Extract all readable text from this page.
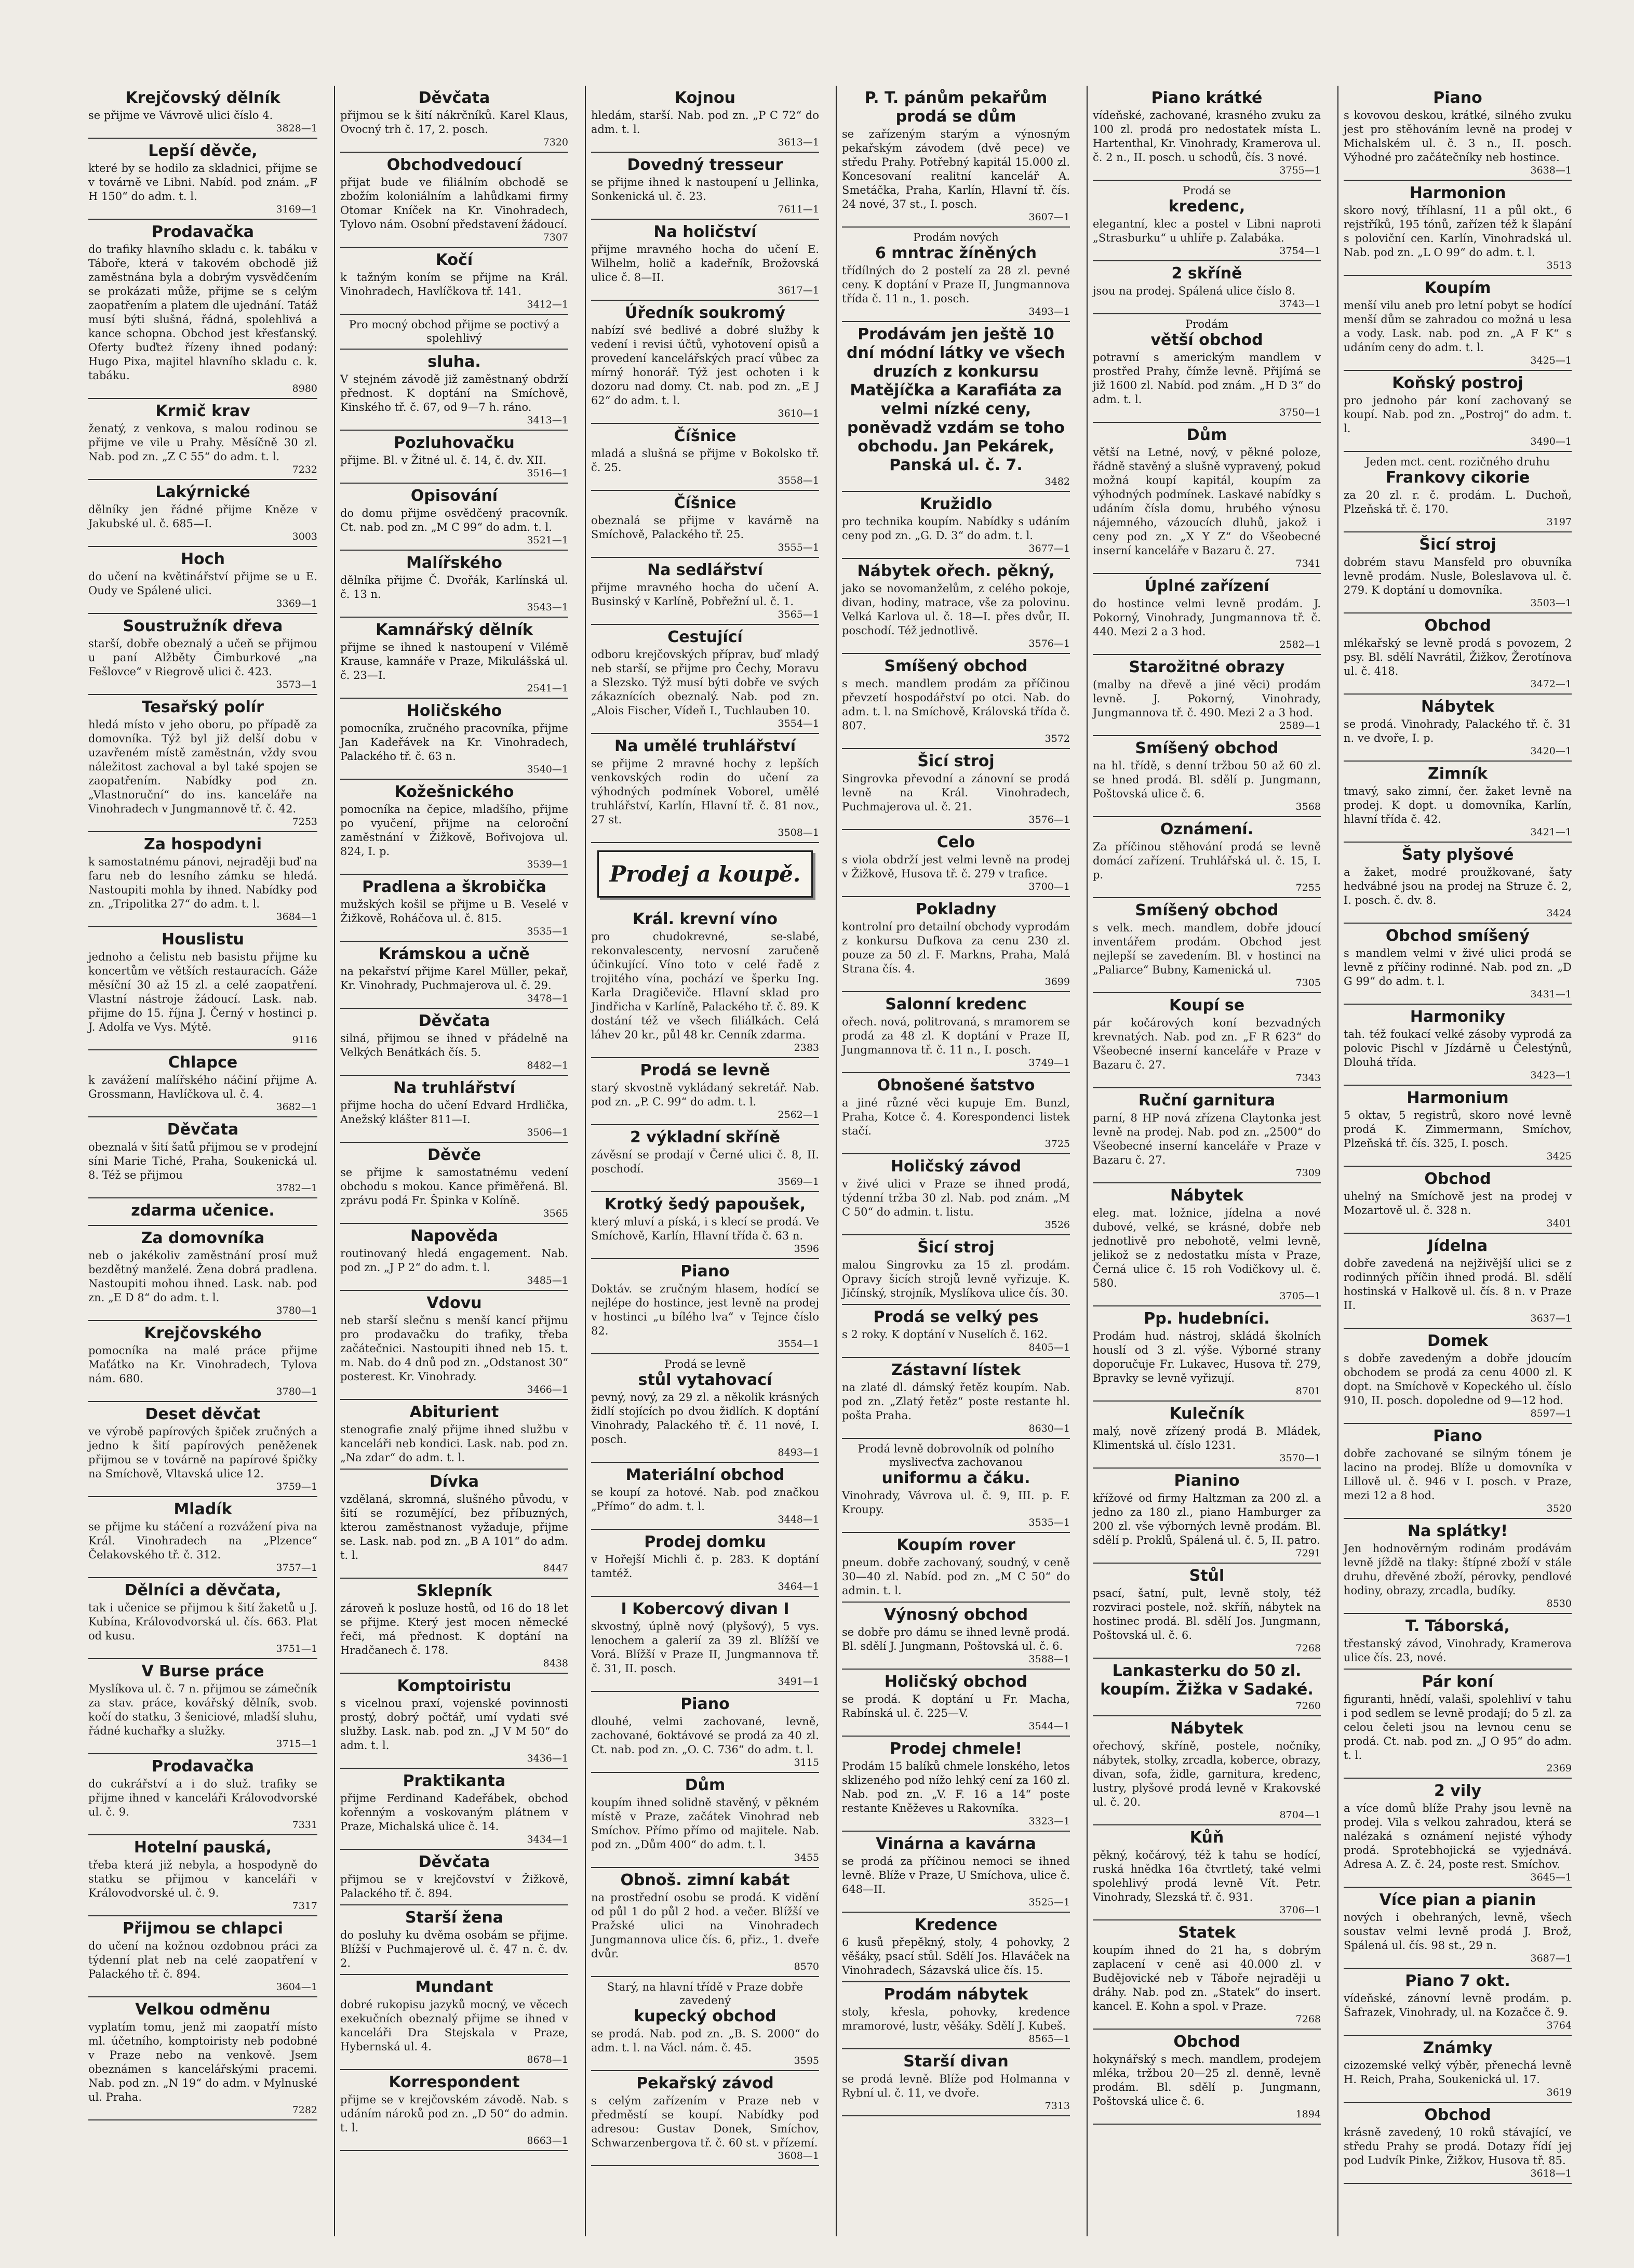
Krejčovský dělník

se přijme ve Vávrově ulici číslo 4.

3828—1
Lepší děvče,

které by se hodilo za skladnici, přijme se v továrně ve Libni. Nabíd. pod znám. „F H 150“ do adm. t. l.

3169—1
Prodavačka

do trafiky hlavního skladu c. k. tabáku v Táboře, která v takovém obchodě již zaměstnána byla a dobrým vysvědčením se prokázati může, přijme se s celým zaopatřením a platem dle ujednání. Tatáž musí býti slušná, řádná, spolehlivá a kance schopna. Obchod jest křesťanský. Oferty buďteż řízeny ihned podaný: Hugo Pixa, majitel hlavního skladu c. k. tabáku.

8980
Krmič krav

ženatý, z venkova, s malou rodinou se přijme ve vile u Prahy. Měsíčně 30 zl. Nab. pod zn. „Z C 55“ do adm. t. l.

7232
Lakýrnické

dělníky jen řádné přijme Kněze v Jakubské ul. č. 685—I.

3003
Hoch

do učení na květinářství přijme se u E. Oudy ve Spálené ulici.

3369—1
Soustružník dřeva

starší, dobře obeznalý a učeň se přijmou u paní Alžběty Čimburkové „na Fešlovce“ v Riegrově ulici č. 423.

3573—1
Tesařský polír

hledá místo v jeho oboru, po případě za domovníka. Týž byl již delší dobu v uzavřeném místě zaměstnán, vždy svou náležitost zachoval a byl také spojen se zaopatřením. Nabídky pod zn. „Vlastnoruční“ do ins. kanceláře na Vinohradech v Jungmannově tř. č. 42.

7253
Za hospodyni

k samostatnému pánovi, nejraději buď na faru neb do lesního zámku se hledá. Nastoupiti mohla by ihned. Nabídky pod zn. „Tripolitka 27“ do adm. t. l.

3684—1
Houslistu

jednoho a čelistu neb basistu přijme ku koncertům ve větších restauracích. Gáže měsíční 30 až 15 zl. a celé zaopatření. Vlastní nástroje žádoucí. Lask. nab. přijme do 15. října J. Černý v hostinci p. J. Adolfa ve Vys. Mýtě.

9116
Chlapce

k zavážení malířského náčiní přijme A. Grossmann, Havlíčkova ul. č. 4.

3682—1
Děvčata

obeznalá v šití šatů přijmou se v prodejní síni Marie Tiché, Praha, Soukenická ul. 8. Též se přijmou

3782—1
zdarma učenice.
Za domovníka

neb o jakékoliv zaměstnání prosí muž bezdětný manželé. Žena dobrá pradlena. Nastoupiti mohou ihned. Lask. nab. pod zn. „E D 8“ do adm. t. l.

3780—1
Krejčovského

pomocníka na malé práce přijme Maťátko na Kr. Vinohradech, Tylova nám. 680.

3780—1
Deset děvčat

ve výrobě papírových špiček zručných a jedno k šití papírových peněženek přijmou se v továrně na papírové špičky na Smíchově, Vltavská ulice 12.

3759—1
Mladík

se přijme ku stáčení a rozvážení piva na Král. Vinohradech na „Plzence“ Čelakovského tř. č. 312.

3757—1
Dělníci a děvčata,

tak i učenice se přijmou k šití žaketů u J. Kubína, Královodvorská ul. čís. 663. Plat od kusu.

3751—1
V Burse práce

Myslíkova ul. č. 7 n. přijmou se zámečník za stav. práce, kovářský dělník, svob. kočí do statku, 3 šeniciové, mladší sluhu, řádné kuchařky a služky.

3715—1
Prodavačka

do cukrářství a i do služ. trafiky se přijme ihned v kanceláři Královodvorské ul. č. 9.

7331
Hotelní pauská,

třeba která již nebyla, a hospodyně do statku se přijmou v kanceláři v Královodvorské ul. č. 9.

7317
Přijmou se chlapci

do učení na kožnou ozdobnou práci za týdenní plat neb na celé zaopatření v Palackého tř. č. 894.

3604—1
Velkou odměnu

vyplatím tomu, jenž mi zaopatří místo ml. účetního, komptoiristy neb podobné v Praze nebo na venkově. Jsem obeznámen s kancelářskými pracemi. Nab. pod zn. „N 19“ do adm. v Mylnuské ul. Praha.

7282
Děvčata

přijmou se k šití nákrčníků. Karel Klaus, Ovocný trh č. 17, 2. posch.

7320
Obchodvedoucí

přijat bude ve filiálním obchodě se zbožím koloniálním a lahůdkami firmy Otomar Kníček na Kr. Vinohradech, Tylovo nám. Osobní představení žádoucí.

7307
Kočí

k tažným koním se přijme na Král. Vinohradech, Havlíčkova tř. 141.

3412—1
Pro mocný obchod přijme se poctivý a spolehlivý
sluha.

V stejném závodě již zaměstnaný obdrží přednost. K doptání na Smíchově, Kinského tř. č. 67, od 9—7 h. ráno.

3413—1
Pozluhovačku

přijme. Bl. v Žitné ul. č. 14, č. dv. XII.

3516—1
Opisování

do domu přijme osvědčený pracovník. Ct. nab. pod zn. „M C 99“ do adm. t. l.

3521—1
Malířského

dělníka přijme Č. Dvořák, Karlínská ul. č. 13 n.

3543—1
Kamnářský dělník

přijme se ihned k nastoupení v Vilémě Krause, kamnáře v Praze, Mikulášská ul. č. 23—I.

2541—1
Holičského

pomocníka, zručného pracovníka, přijme Jan Kadeřávek na Kr. Vinohradech, Palackého tř. č. 63 n.

3540—1
Kožešnického

pomocníka na čepice, mladšího, přijme po vyučení, přijme na celoroční zaměstnání v Žižkově, Bořivojova ul. 824, I. p.

3539—1
Pradlena a škrobička

mužských košil se přijme u B. Veselé v Žižkově, Roháčova ul. č. 815.

3535—1
Krámskou a učně

na pekařství přijme Karel Müller, pekař, Kr. Vinohrady, Puchmajerova ul. č. 29.

3478—1
Děvčata

silná, přijmou se ihned v přádelně na Velkých Benátkách čís. 5.

8482—1
Na truhlářství

přijme hocha do učení Edvard Hrdlička, Anežský klášter 811—I.

3506—1
Děvče

se přijme k samostatnému vedení obchodu s mokou. Kance přiměřená. Bl. zprávu podá Fr. Špinka v Kolíně.

3565
Napověda

routinovaný hledá engagement. Nab. pod zn. „J P 2“ do adm. t. l.

3485—1
Vdovu

neb starší slečnu s menší kancí přijmu pro prodavačku do trafiky, třeba začátečnici. Nastoupiti ihned neb 15. t. m. Nab. do 4 dnů pod zn. „Odstanost 30“ posterest. Kr. Vinohrady.

3466—1
Abiturient

stenografie znalý přijme ihned službu v kanceláři neb kondici. Lask. nab. pod zn. „Na zdar“ do adm. t. l.

Dívka

vzdělaná, skromná, slušného původu, v šití se rozumějící, bez příbuzných, kterou zaměstnanost vyžaduje, přijme se. Lask. nab. pod zn. „B A 101“ do adm. t. l.

8447
Sklepník

zároveň k posluze hostů, od 16 do 18 let se přijme. Který jest mocen německé řeči, má přednost. K doptání na Hradčanech č. 178.

8438
Komptoiristu

s vicelnou praxí, vojenské povinnosti prostý, dobrý počtář, umí vydati své služby. Lask. nab. pod zn. „J V M 50“ do adm. t. l.

3436—1
Praktikanta

přijme Ferdinand Kadeřábek, obchod kořenným a voskovaným plátnem v Praze, Michalská ulice č. 14.

3434—1
Děvčata

přijmou se v krejčovství v Žižkově, Palackého tř. č. 894.

Starší žena

do posluhy ku dvěma osobám se přijme. Blížší v Puchmajerově ul. č. 47 n. č. dv. 2.

Mundant

dobré rukopisu jazyků mocný, ve věcech exekučních obeznalý přijme se ihned v kanceláři Dra Stejskala v Praze, Hybernská ul. 4.

8678—1
Korrespondent

přijme se v krejčovském závodě. Nab. s udáním nároků pod zn. „D 50“ do admin. t. l.

8663—1
Kojnou

hledám, starší. Nab. pod zn. „P C 72“ do adm. t. l.

3613—1
Dovedný tresseur

se přijme ihned k nastoupení u Jellinka, Sonkenická ul. č. 23.

7611—1
Na holičství

přijme mravného hocha do učení E. Wilhelm, holič a kadeřník, Brožovská ulice č. 8—II.

3617—1
Úředník soukromý

nabízí své bedlivé a dobré služby k vedení i revisi účtů, vyhotovení opisů a provedení kancelářských prací vůbec za mírný honorář. Týž jest ochoten i k dozoru nad domy. Ct. nab. pod zn. „E J 62“ do adm. t. l.

3610—1
Číšnice

mladá a slušná se přijme v Bokolsko tř. č. 25.

3558—1
Číšnice

obeznalá se přijme v kavárně na Smíchově, Palackého tř. 25.

3555—1
Na sedlářství

přijme mravného hocha do učení A. Businský v Karlíně, Pobřežní ul. č. 1.

3565—1
Cestující

odboru krejčovských příprav, buď mladý neb starší, se přijme pro Čechy, Moravu a Slezsko. Týž musí býti dobře ve svých zákaznících obeznalý. Nab. pod zn. „Alois Fischer, Vídeň I., Tuchlauben 10.

3554—1
Na umělé truhlářství

se přijme 2 mravné hochy z lepších venkovských rodin do učení za výhodných podmínek Voborel, umělé truhlářství, Karlín, Hlavní tř. č. 81 nov., 27 st.

3508—1
Prodej a koupě.
Král. krevní víno

pro chudokrevné, se-slabé, rekonvalescenty, nervosní zaručeně účinkující. Víno toto v celé řadě z trojitého vína, pochází ve šperku Ing. Karla Dragičeviče. Hlavní sklad pro Jindřicha v Karlíně, Palackého tř. č. 89. K dostání též ve všech filiálkách. Celá láhev 20 kr., půl 48 kr. Cenník zdarma.

2383
Prodá se levně

starý skvostně vykládaný sekretář. Nab. pod zn. „P. C. 99“ do adm. t. l.

2562—1
2 výkladní skříně

závěsní se prodají v Černé ulici č. 8, II. poschodí.

3569—1
Krotký šedý papoušek,

který mluví a píská, i s klecí se prodá. Ve Smíchově, Karlín, Hlavní třída č. 63 n.

3596
Piano

Doktáv. se zručným hlasem, hodící se nejlépe do hostince, jest levně na prodej v hostinci „u bílého lva“ v Tejnce číslo 82.

3554—1
Prodá se levně
stůl vytahovací

pevný, nový, za 29 zl. a několik krásných židlí stojících po dvou židlích. K doptání Vinohrady, Palackého tř. č. 11 nové, I. posch.

8493—1
Materiální obchod

se koupí za hotové. Nab. pod značkou „Přímo“ do adm. t. l.

3448—1
Prodej domku

v Hořejší Michli č. p. 283. K doptání tamtéž.

3464—1
I Kobercový divan I

skvostný, úplně nový (plyšový), 5 vys. lenochem a galerií za 39 zl. Blížší ve Vorá. Blížší v Praze II, Jungmannova tř. č. 31, II. posch.

3491—1
Piano

dlouhé, velmi zachované, levně, zachované, 6oktávové se prodá za 40 zl. Ct. nab. pod zn. „O. C. 736“ do adm. t. l.

3115
Dům

koupím ihned solidně stavěný, v pěkném místě v Praze, začátek Vinohrad neb Smíchov. Přímo přímo od majitele. Nab. pod zn. „Dům 400“ do adm. t. l.

3455
Obnoš. zimní kabát

na prostřední osobu se prodá. K vidění od půl 1 do půl 2 hod. a večer. Blížší ve Pražské ulici na Vinohradech Jungmannova ulice čís. 6, přiz., 1. dveře dvůr.

8570
Starý, na hlavní třídě v Praze dobře zavedený
kupecký obchod

se prodá. Nab. pod zn. „B. S. 2000“ do adm. t. l. na Václ. nám. č. 45.

3595
Pekařský závod

s celým zařízením v Praze neb v předměstí se koupí. Nabídky pod adresou: Gustav Donek, Smíchov, Schwarzenbergova tř. č. 60 st. v přízemí.

3608—1
P. T. pánům pekařům prodá se dům

se zařízeným starým a výnosným pekařským závodem (dvě pece) ve středu Prahy. Potřebný kapitál 15.000 zl. Koncesovaní realitní kancelář A. Smetáčka, Praha, Karlín, Hlavní tř. čís. 24 nové, 37 st., I. posch.

3607—1
Prodám nových
6 mntrac žíněných

třídílných do 2 postelí za 28 zl. pevné ceny. K doptání v Praze II, Jungmannova třída č. 11 n., 1. posch.

3493—1
Prodávám jen ještě 10 dní módní látky ve všech druzích z konkursu Matějíčka a Karafiáta za velmi nízké ceny, poněvadž vzdám se toho obchodu. Jan Pekárek, Panská ul. č. 7.
3482
Kružidlo

pro technika koupím. Nabídky s udáním ceny pod zn. „G. D. 3“ do adm. t. l.

3677—1
Nábytek ořech. pěkný,

jako se novomanželům, z celého pokoje, divan, hodiny, matrace, vše za polovinu. Velká Karlova ul. č. 18—I. přes dvůr, II. poschodí. Též jednotlivě.

3576—1
Smíšený obchod

s mech. mandlem prodám za příčinou převzetí hospodářství po otci. Nab. do adm. t. l. na Smíchově, Královská třída č. 807.

3572
Šicí stroj

Singrovka převodní a zánovní se prodá levně na Král. Vinohradech, Puchmajerova ul. č. 21.

3576—1
Celo

s viola obdrží jest velmi levně na prodej v Žižkově, Husova tř. č. 279 v trafice.

3700—1
Pokladny

kontrolní pro detailní obchody vyprodám z konkursu Dufkova za cenu 230 zl. pouze za 50 zl. F. Markns, Praha, Malá Strana čís. 4.

3699
Salonní kredenc

ořech. nová, politrovaná, s mramorem se prodá za 48 zl. K doptání v Praze II, Jungmannova tř. č. 11 n., I. posch.

3749—1
Obnošené šatstvo

a jiné různé věci kupuje Em. Bunzl, Praha, Kotce č. 4. Korespondenci listek stačí.

3725
Holičský závod

v živé ulici v Praze se ihned prodá, týdenní tržba 30 zl. Nab. pod znám. „M C 50“ do admin. t. listu.

3526
Šicí stroj

malou Singrovku za 15 zl. prodám. Opravy šicích strojů levně vyřizuje. K. Jičínský, strojník, Myslíkova ulice čís. 30.

Prodá se velký pes

s 2 roky. K doptání v Nuselích č. 162.

8405—1
Zástavní lístek

na zlaté dl. dámský řetěz koupím. Nab. pod zn. „Zlatý řetěz“ poste restante hl. pošta Praha.

8630—1
Prodá levně dobrovolník od polního myslivecťva zachovanou
uniformu a čáku.

Vinohrady, Vávrova ul. č. 9, III. p. F. Kroupy.

3535—1
Koupím rover

pneum. dobře zachovaný, soudný, v ceně 30—40 zl. Nabíd. pod zn. „M C 50“ do admin. t. l.

Výnosný obchod

se dobře pro dámu se ihned levně prodá. Bl. sdělí J. Jungmann, Poštovská ul. č. 6.

3588—1
Holičský obchod

se prodá. K doptání u Fr. Macha, Rabínská ul. č. 225—V.

3544—1
Prodej chmele!

Prodám 15 balíků chmele lonského, letos sklizeného pod nížo lehký cení za 160 zl. Nab. pod zn. „V. F. 16 a 14“ poste restante Kněževes u Rakovníka.

3323—1
Vinárna a kavárna

se prodá za příčinou nemoci se ihned levně. Blíže v Praze, U Smíchova, ulice č. 648—II.

3525—1
Kredence

6 kusů přepěkný, stoly, 4 pohovky, 2 věšáky, psací stůl. Sdělí Jos. Hlaváček na Vinohradech, Sázavská ulice čís. 15.

Prodám nábytek

stoly, křesla, pohovky, kredence mramorové, lustr, věšáky. Sdělí J. Kubeš.

8565—1
Starší divan

se prodá levně. Blíže pod Holmanna v Rybní ul. č. 11, ve dvoře.

7313
Piano krátké

vídeňské, zachované, krasného zvuku za 100 zl. prodá pro nedostatek místa L. Hartenthal, Kr. Vinohrady, Kramerova ul. č. 2 n., II. posch. u schodů, čís. 3 nové.

3755—1
Prodá se
kredenc,

elegantní, klec a postel v Libni naproti „Strasburku“ u uhlíře p. Zalabáka.

3754—1
2 skříně

jsou na prodej. Spálená ulice číslo 8.

3743—1
Prodám
větší obchod

potravní s americkým mandlem v prostřed Prahy, čímže levně. Přijímá se již 1600 zl. Nabíd. pod znám. „H D 3“ do adm. t. l.

3750—1
Dům

větší na Letné, nový, v pěkné poloze, řádně stavěný a slušně vypravený, pokud možná koupí kapitál, koupím za výhodných podmínek. Laskavé nabídky s udáním čísla domu, hrubého výnosu nájemného, vázoucích dluhů, jakož i ceny pod zn. „X Y Z“ do Všeobecné inserní kanceláře v Bazaru č. 27.

7341
Úplné zařízení

do hostince velmi levně prodám. J. Pokorný, Vinohrady, Jungmannova tř. č. 440. Mezi 2 a 3 hod.

2582—1
Starožitné obrazy

(malby na dřevě a jiné věci) prodám levně. J. Pokorný, Vinohrady, Jungmannova tř. č. 490. Mezi 2 a 3 hod.

2589—1
Smíšený obchod

na hl. třídě, s denní tržbou 50 až 60 zl. se hned prodá. Bl. sdělí p. Jungmann, Poštovská ulice č. 6.

3568
Oznámení.

Za příčinou stěhování prodá se levně domácí zařízení. Truhlářská ul. č. 15, I. p.

7255
Smíšený obchod

s velk. mech. mandlem, dobře jdoucí inventářem prodám. Obchod jest nejlepší se zavedením. Bl. v hostinci na „Paliarce“ Bubny, Kamenická ul.

7305
Koupí se

pár kočárových koní bezvadných krevnatých. Nab. pod zn. „F R 623“ do Všeobecné inserní kanceláře v Praze v Bazaru č. 27.

7343
Ruční garnitura

parní, 8 HP nová zřízena Claytonka jest levně na prodej. Nab. pod zn. „2500“ do Všeobecné inserní kanceláře v Praze v Bazaru č. 27.

7309
Nábytek

eleg. mat. ložnice, jídelna a nové dubové, velké, se krásné, dobře neb jednotlivě pro nebohotě, velmi levně, jelikož se z nedostatku místa v Praze, Černá ulice č. 15 roh Vodičkovy ul. č. 580.

3705—1
Pp. hudebníci.

Prodám hud. nástroj, skládá školních houslí od 3 zl. výše. Výborné strany doporučuje Fr. Lukavec, Husova tř. 279, Bpravky se levně vyřizují.

8701
Kulečník

malý, nově zřízený prodá B. Mládek, Klimentská ul. číslo 1231.

3570—1
Pianino

křížové od firmy Haltzman za 200 zl. a jedno za 180 zl., piano Hamburger za 200 zl. vše výborných levně prodám. Bl. sdělí p. Proklů, Spálená ul. č. 5, II. patro.

7291
Stůl

psací, šatní, pult, levně stoly, též rozviraci postele, nož. skříň, nábytek na hostinec prodá. Bl. sdělí Jos. Jungmann, Poštovská ul. č. 6.

7268
Lankasterku do 50 zl. koupím. Žižka v Sadaké.
7260
Nábytek

ořechový, skříně, postele, nočníky, nábytek, stolky, zrcadla, koberce, obrazy, divan, sofa, židle, garnitura, kredenc, lustry, plyšové prodá levně v Krakovské ul. č. 20.

8704—1
Kůň

pěkný, kočárový, též k tahu se hodící, ruská hnědka 16a čtvrtletý, také velmi spolehlivý prodá levně Vít. Petr. Vinohrady, Slezská tř. č. 931.

3706—1
Statek

koupím ihned do 21 ha, s dobrým zaplacení v ceně asi 40.000 zl. v Budějovické neb v Táboře nejraději u dráhy. Nab. pod zn. „Statek“ do insert. kancel. E. Kohn a spol. v Praze.

7268
Obchod

hokynářský s mech. mandlem, prodejem mléka, tržbou 20—25 zl. denně, levně prodám. Bl. sdělí p. Jungmann, Poštovská ulice č. 6.

1894
Piano

s kovovou deskou, krátké, silného zvuku jest pro stěhováním levně na prodej v Michalském ul. č. 3 n., II. posch. Výhodné pro začátečníky neb hostince.

3638—1
Harmonion

skoro nový, tříhlasní, 11 a půl okt., 6 rejstříků, 195 tónů, zařízen též k šlapání s poloviční cen. Karlín, Vinohradská ul. Nab. pod zn. „L O 99“ do adm. t. l.

3513
Koupím

menší vilu aneb pro letní pobyt se hodící menší dům se zahradou co možná u lesa a vody. Lask. nab. pod zn. „A F K“ s udáním ceny do adm. t. l.

3425—1
Koňský postroj

pro jednoho pár koní zachovaný se koupí. Nab. pod zn. „Postroj“ do adm. t. l.

3490—1
Jeden mct. cent. rozičného druhu
Frankovy cikorie

za 20 zl. r. č. prodám. L. Duchoň, Plzeňská tř. č. 170.

3197
Šicí stroj

dobrém stavu Mansfeld pro obuvníka levně prodám. Nusle, Boleslavova ul. č. 279. K doptání u domovníka.

3503—1
Obchod

mlékařský se levně prodá s povozem, 2 psy. Bl. sdělí Navrátil, Žižkov, Žerotínova ul. č. 418.

3472—1
Nábytek

se prodá. Vinohrady, Palackého tř. č. 31 n. ve dvoře, I. p.

3420—1
Zimník

tmavý, sako zimní, čer. žaket levně na prodej. K dopt. u domovníka, Karlín, hlavní třída č. 42.

3421—1
Šaty plyšové

a žaket, modré proužkované, šaty hedvábné jsou na prodej na Struze č. 2, I. posch. č. dv. 8.

3424
Obchod smíšený

s mandlem velmi v živé ulici prodá se levně z příčiny rodinné. Nab. pod zn. „D G 99“ do adm. t. l.

3431—1
Harmoniky

tah. též foukací velké zásoby vyprodá za polovic Pischl v Jízdárně u Čelestýnů, Dlouhá třída.

3423—1
Harmonium

5 oktav, 5 registrů, skoro nové levně prodá K. Zimmermann, Smíchov, Plzeňská tř. čís. 325, I. posch.

3425
Obchod

uhelný na Smíchově jest na prodej v Mozartově ul. č. 328 n.

3401
Jídelna

dobře zavedená na nejživější ulici se z rodinných příčin ihned prodá. Bl. sdělí hostinská v Halkově ul. čís. 8 n. v Praze II.

3637—1
Domek

s dobře zavedeným a dobře jdoucím obchodem se prodá za cenu 4000 zl. K dopt. na Smíchově v Kopeckého ul. číslo 910, II. posch. dopoledne od 9—12 hod.

8597—1
Piano

dobře zachované se silným tónem je lacino na prodej. Blíže u domovníka v Lillově ul. č. 946 v I. posch. v Praze, mezi 12 a 8 hod.

3520
Na splátky!

Jen hodnověrným rodinám prodávám levně jíždě na tlaky: štípné zboží v stále druhu, dřevěné zboží, pérovky, pendlové hodiny, obrazy, zrcadla, budíky.

8530
T. Táborská,

třestanský závod, Vinohrady, Kramerova ulice čís. 23, nové.

Pár koní

figuranti, hnědí, valaši, spolehliví v tahu i pod sedlem se levně prodají; do 5 zl. za celou čeleti jsou na levnou cenu se prodá. Ct. nab. pod zn. „J O 95“ do adm. t. l.

2369
2 vily

a více domů blíže Prahy jsou levně na prodej. Vila s velkou zahradou, která se nalézaká s oznámení nejisté výhody prodá. Sprotebhojická se vyjednává. Adresa A. Z. č. 24, poste rest. Smíchov.

3645—1
Více pian a pianin

nových i obehraných, levně, všech soustav velmi levně prodá J. Brož, Spálená ul. čís. 98 st., 29 n.

3687—1
Piano 7 okt.

vídeňské, zánovní levně prodám. p. Šafrazek, Vinohrady, ul. na Kozačce č. 9.

3764
Známky

cizozemské velký výběr, přenechá levně H. Reich, Praha, Soukenická ul. 17.

3619
Obchod

krásně zavedený, 10 roků stávající, ve středu Prahy se prodá. Dotazy řídí jej pod Ludvík Pinke, Žižkov, Husova tř. 85.

3618—1
